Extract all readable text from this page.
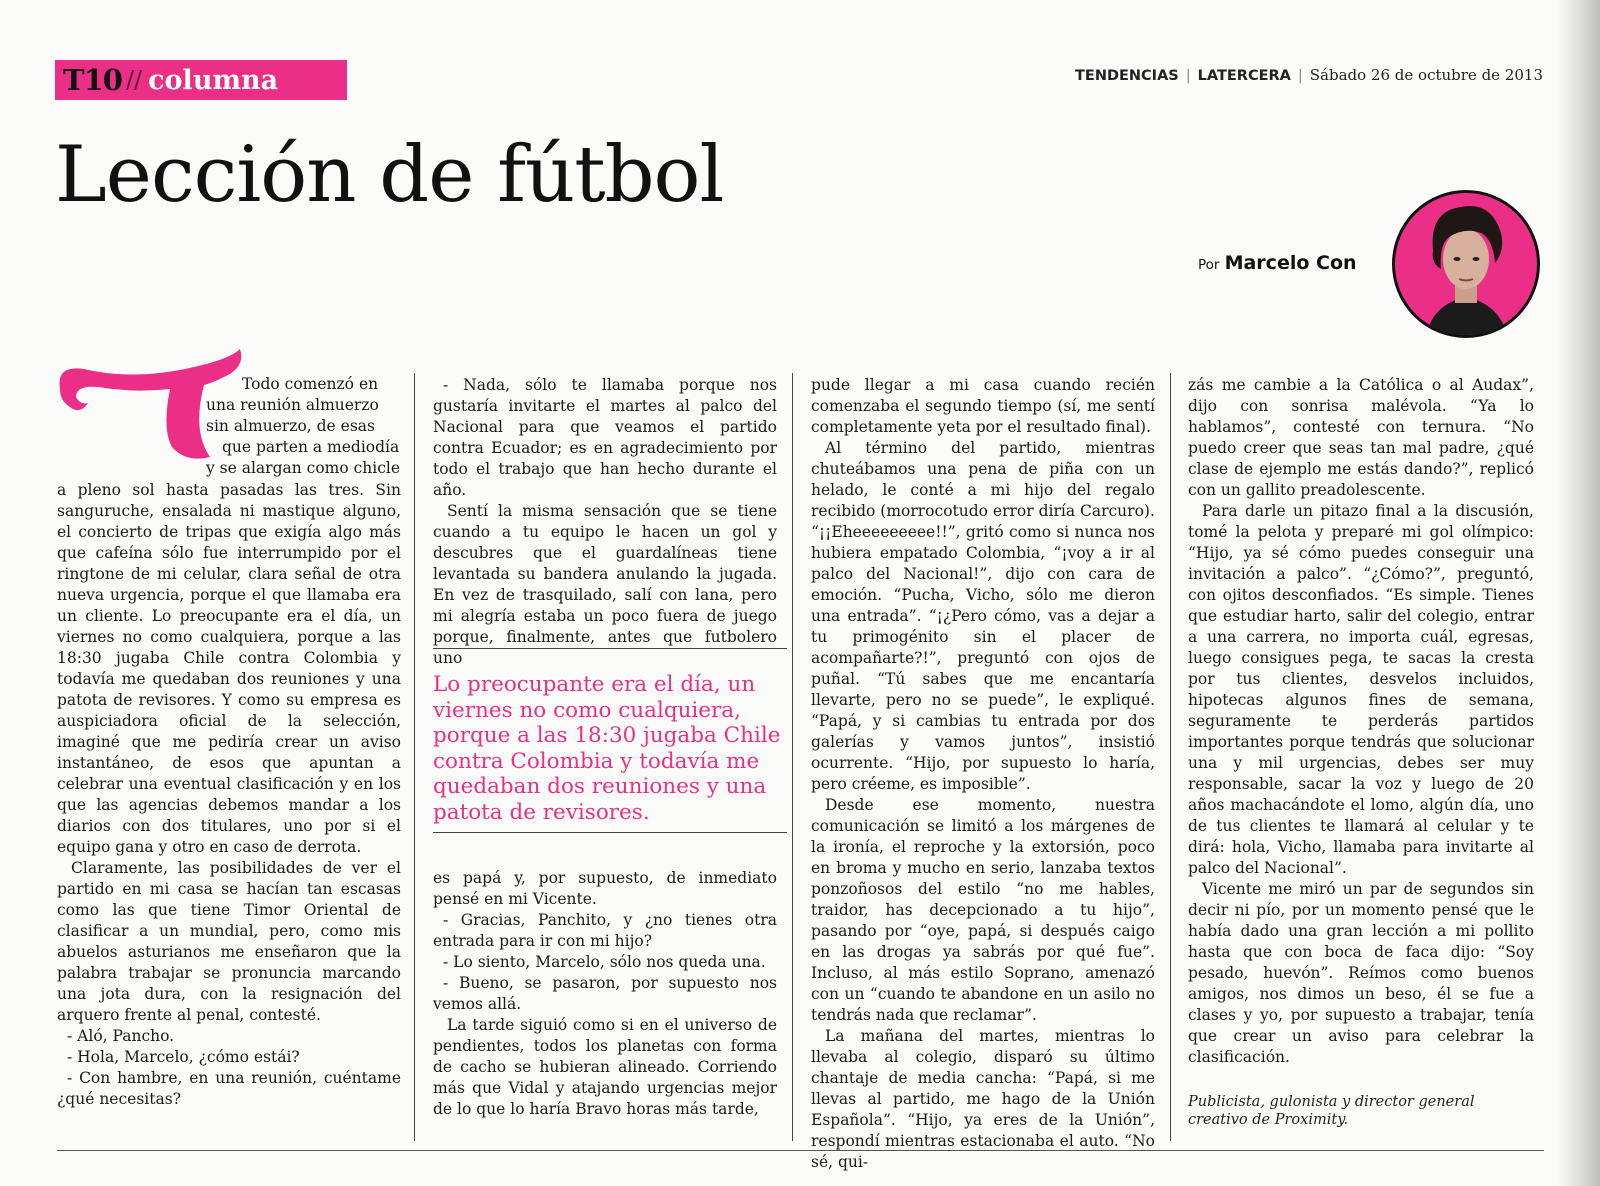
T10 // columna	TENDENCIAS | LATERCERA | Sábado 26 de octubre de 2013
Lección de fútbol
Por Marcelo Con
Todo comenzó en
una reunión almuerzo
sin almuerzo, de esas
que parten a mediodía
y se alargan como chicle

a pleno sol hasta pasadas las tres. Sin sanguruche, ensalada ni mastique alguno, el concierto de tripas que exigía algo más que cafeína sólo fue interrumpido por el ringtone de mi celular, clara señal de otra nueva urgencia, porque el que llamaba era un cliente. Lo preocupante era el día, un viernes no como cualquiera, porque a las 18:30 jugaba Chile contra Colombia y todavía me quedaban dos reuniones y una patota de revisores. Y como su empresa es auspiciadora oficial de la selección, imaginé que me pediría crear un aviso instantáneo, de esos que apuntan a celebrar una eventual clasificación y en los que las agencias debemos mandar a los diarios con dos titulares, uno por si el equipo gana y otro en caso de derrota.

Claramente, las posibilidades de ver el partido en mi casa se hacían tan escasas como las que tiene Timor Oriental de clasificar a un mundial, pero, como mis abuelos asturianos me enseñaron que la palabra trabajar se pronuncia marcando una jota dura, con la resignación del arquero frente al penal, contesté.

- Aló, Pancho.

- Hola, Marcelo, ¿cómo estái?

- Con hambre, en una reunión, cuéntame ¿qué necesitas?

- Nada, sólo te llamaba porque nos gustaría invitarte el martes al palco del Nacional para que veamos el partido contra Ecuador; es en agradecimiento por todo el trabajo que han hecho durante el año.

Sentí la misma sensación que se tiene cuando a tu equipo le hacen un gol y descubres que el guardalíneas tiene levantada su bandera anulando la jugada. En vez de trasquilado, salí con lana, pero mi alegría estaba un poco fuera de juego porque, finalmente, antes que futbolero uno

Lo preocupante era el día, un viernes no como cualquiera, porque a las 18:30 jugaba Chile contra Colombia y todavía me quedaban dos reuniones y una patota de revisores.

es papá y, por supuesto, de inmediato pensé en mi Vicente.

- Gracias, Panchito, y ¿no tienes otra entrada para ir con mi hijo?

- Lo siento, Marcelo, sólo nos queda una.

- Bueno, se pasaron, por supuesto nos vemos allá.

La tarde siguió como si en el universo de pendientes, todos los planetas con forma de cacho se hubieran alineado. Corriendo más que Vidal y atajando urgencias mejor de lo que lo haría Bravo horas más tarde,

pude llegar a mi casa cuando recién comenzaba el segundo tiempo (sí, me sentí completamente yeta por el resultado final).

Al término del partido, mientras chuteábamos una pena de piña con un helado, le conté a mi hijo del regalo recibido (morrocotudo error diría Carcuro).

“¡¡Eheeeeeeeee!!”, gritó como si nunca nos hubiera empatado Colombia, “¡voy a ir al palco del Nacional!”, dijo con cara de emoción. “Pucha, Vicho, sólo me dieron una entrada”. “¡¿Pero cómo, vas a dejar a tu primogénito sin el placer de acompañarte?!”, preguntó con ojos de puñal. “Tú sabes que me encantaría llevarte, pero no se puede”, le expliqué. “Papá, y si cambias tu entrada por dos galerías y vamos juntos”, insistió ocurrente. “Hijo, por supuesto lo haría, pero créeme, es imposible”.

Desde ese momento, nuestra comunicación se limitó a los márgenes de la ironía, el reproche y la extorsión, poco en broma y mucho en serio, lanzaba textos ponzoñosos del estilo “no me hables, traidor, has decepcionado a tu hijo”, pasando por “oye, papá, si después caigo en las drogas ya sabrás por qué fue”. Incluso, al más estilo Soprano, amenazó con un “cuando te abandone en un asilo no tendrás nada que reclamar”.

La mañana del martes, mientras lo llevaba al colegio, disparó su último chantaje de media cancha: “Papá, si me llevas al partido, me hago de la Unión Española”. “Hijo, ya eres de la Unión”, respondí mientras estacionaba el auto. “No sé, qui-

zás me cambie a la Católica o al Audax”, dijo con sonrisa malévola. “Ya lo hablamos”, contesté con ternura. “No puedo creer que seas tan mal padre, ¿qué clase de ejemplo me estás dando?”, replicó con un gallito preadolescente.

Para darle un pitazo final a la discusión, tomé la pelota y preparé mi gol olímpico: “Hijo, ya sé cómo puedes conseguir una invitación a palco”. “¿Cómo?”, preguntó, con ojitos desconfiados. “Es simple. Tienes que estudiar harto, salir del colegio, entrar a una carrera, no importa cuál, egresas, luego consigues pega, te sacas la cresta por tus clientes, desvelos incluidos, hipotecas algunos fines de semana, seguramente te perderás partidos importantes porque tendrás que solucionar una y mil urgencias, debes ser muy responsable, sacar la voz y luego de 20 años machacándote el lomo, algún día, uno de tus clientes te llamará al celular y te dirá: hola, Vicho, llamaba para invitarte al palco del Nacional”.

Vicente me miró un par de segundos sin decir ni pío, por un momento pensé que le había dado una gran lección a mi pollito hasta que con boca de faca dijo: “Soy pesado, huevón”. Reímos como buenos amigos, nos dimos un beso, él se fue a clases y yo, por supuesto a trabajar, tenía que crear un aviso para celebrar la clasificación.

Publicista, gulonista y director general creativo de Proximity.
